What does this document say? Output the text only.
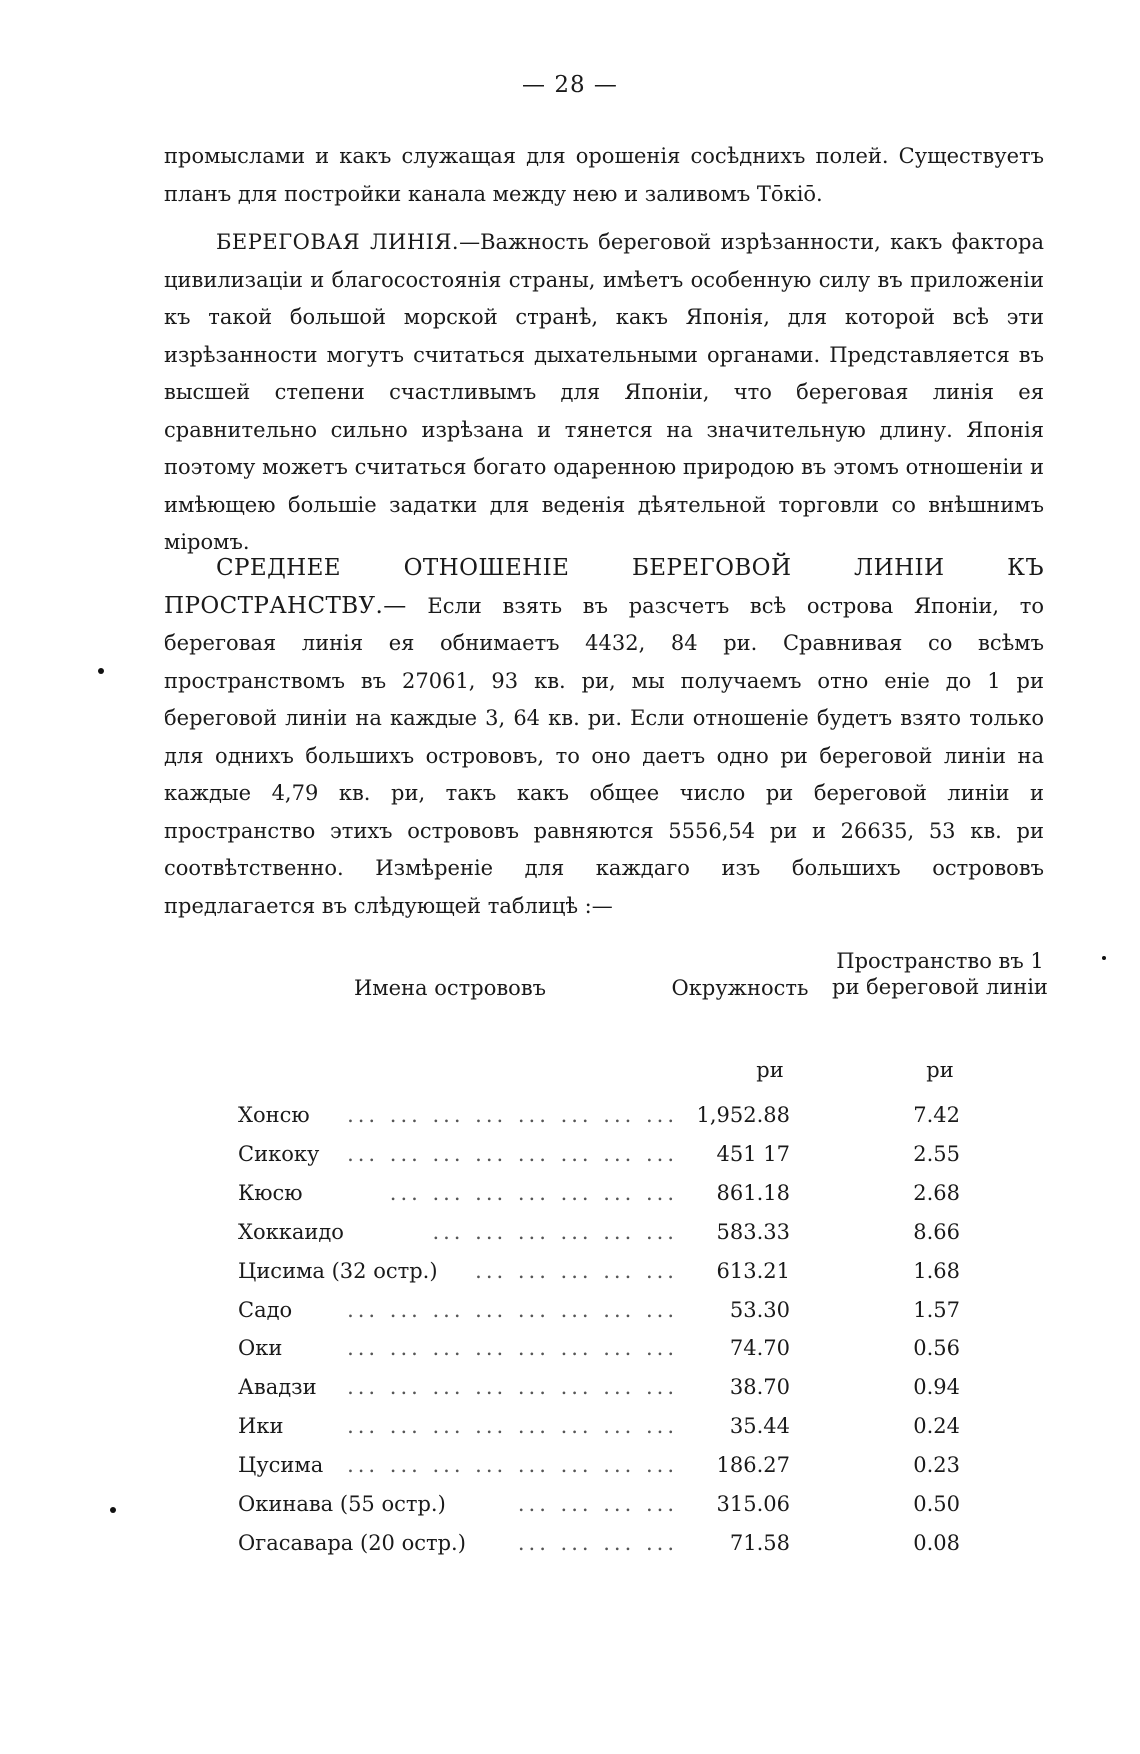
— 28 —

промыслами и какъ служащая для орошенія сосѣднихъ полей. Существуетъ планъ для постройки канала между нею и заливомъ Тōкiō.

БЕРЕГОВАЯ ЛИНIЯ.—Важность береговой изрѣзанности, какъ фактора цивилизацiи и благосостоянія страны, имѣетъ особенную силу въ приложенiи къ такой большой морской странѣ, какъ Японiя, для которой всѣ эти изрѣзанности могутъ считаться дыхательными органами. Представляется въ высшей степени счастливымъ для Японiи, что береговая линiя ея сравнительно сильно изрѣзана и тянется на значительную длину. Японiя поэтому можетъ считаться богато одаренною природою въ этомъ отношенiи и имѣющею большiе задатки для веденія дѣятельной торговли со внѣшнимъ мiромъ.

СРЕДНЕЕ ОТНОШЕНIЕ БЕРЕГОВОЙ ЛИНIИ КЪ ПРОСТРАНСТВУ.— Если взять въ разсчетъ всѣ острова Японiи, то береговая линiя ея обнимаетъ 4432, 84 ри. Сравнивая со всѣмъ пространствомъ въ 27061, 93 кв. ри, мы получаемъ отно еніе до 1 ри береговой линiи на каждые 3, 64 кв. ри. Если отношенiе будетъ взято только для однихъ большихъ острововъ, то оно даетъ одно ри береговой линiи на каждые 4,79 кв. ри, такъ какъ общее число ри береговой линiи и пространство этихъ острововъ равняются 5556,54 ри и 26635, 53 кв. ри соотвѣтственно. Измѣренiе для каждаго изъ большихъ острововъ предлагается въ слѣдующей таблицѣ :—

Имена острововъ	Окружность
Пространство въ 1 ри береговой линiи
ри	ри
Хонсю	... ... ... ... ... ... ... ... 1,952.88	7.42
Сикоку	... ... ... ... ... ... ... ...	451 17	2.55
Кюсю	... ... ... ... ... ... ...	861.18	2.68
Хоккаидо	... ... ... ... ... ...	583.33	8.66
Цисима (32 остр.)	... ... ... ... ...	613.21	1.68
Садо	... ... ... ... ... ... ... ...	53.30	1.57
Оки	... ... ... ... ... ... ... ...	74.70	0.56
Авадзи	... ... ... ... ... ... ... ...	38.70	0.94
Ики	... ... ... ... ... ... ... ...	35.44	0.24
Цусима	... ... ... ... ... ... ... ...	186.27	0.23
Окинава (55 остр.)	... ... ... ...	315.06	0.50
Огасавара (20 остр.)	... ... ... ...	71.58	0.08
